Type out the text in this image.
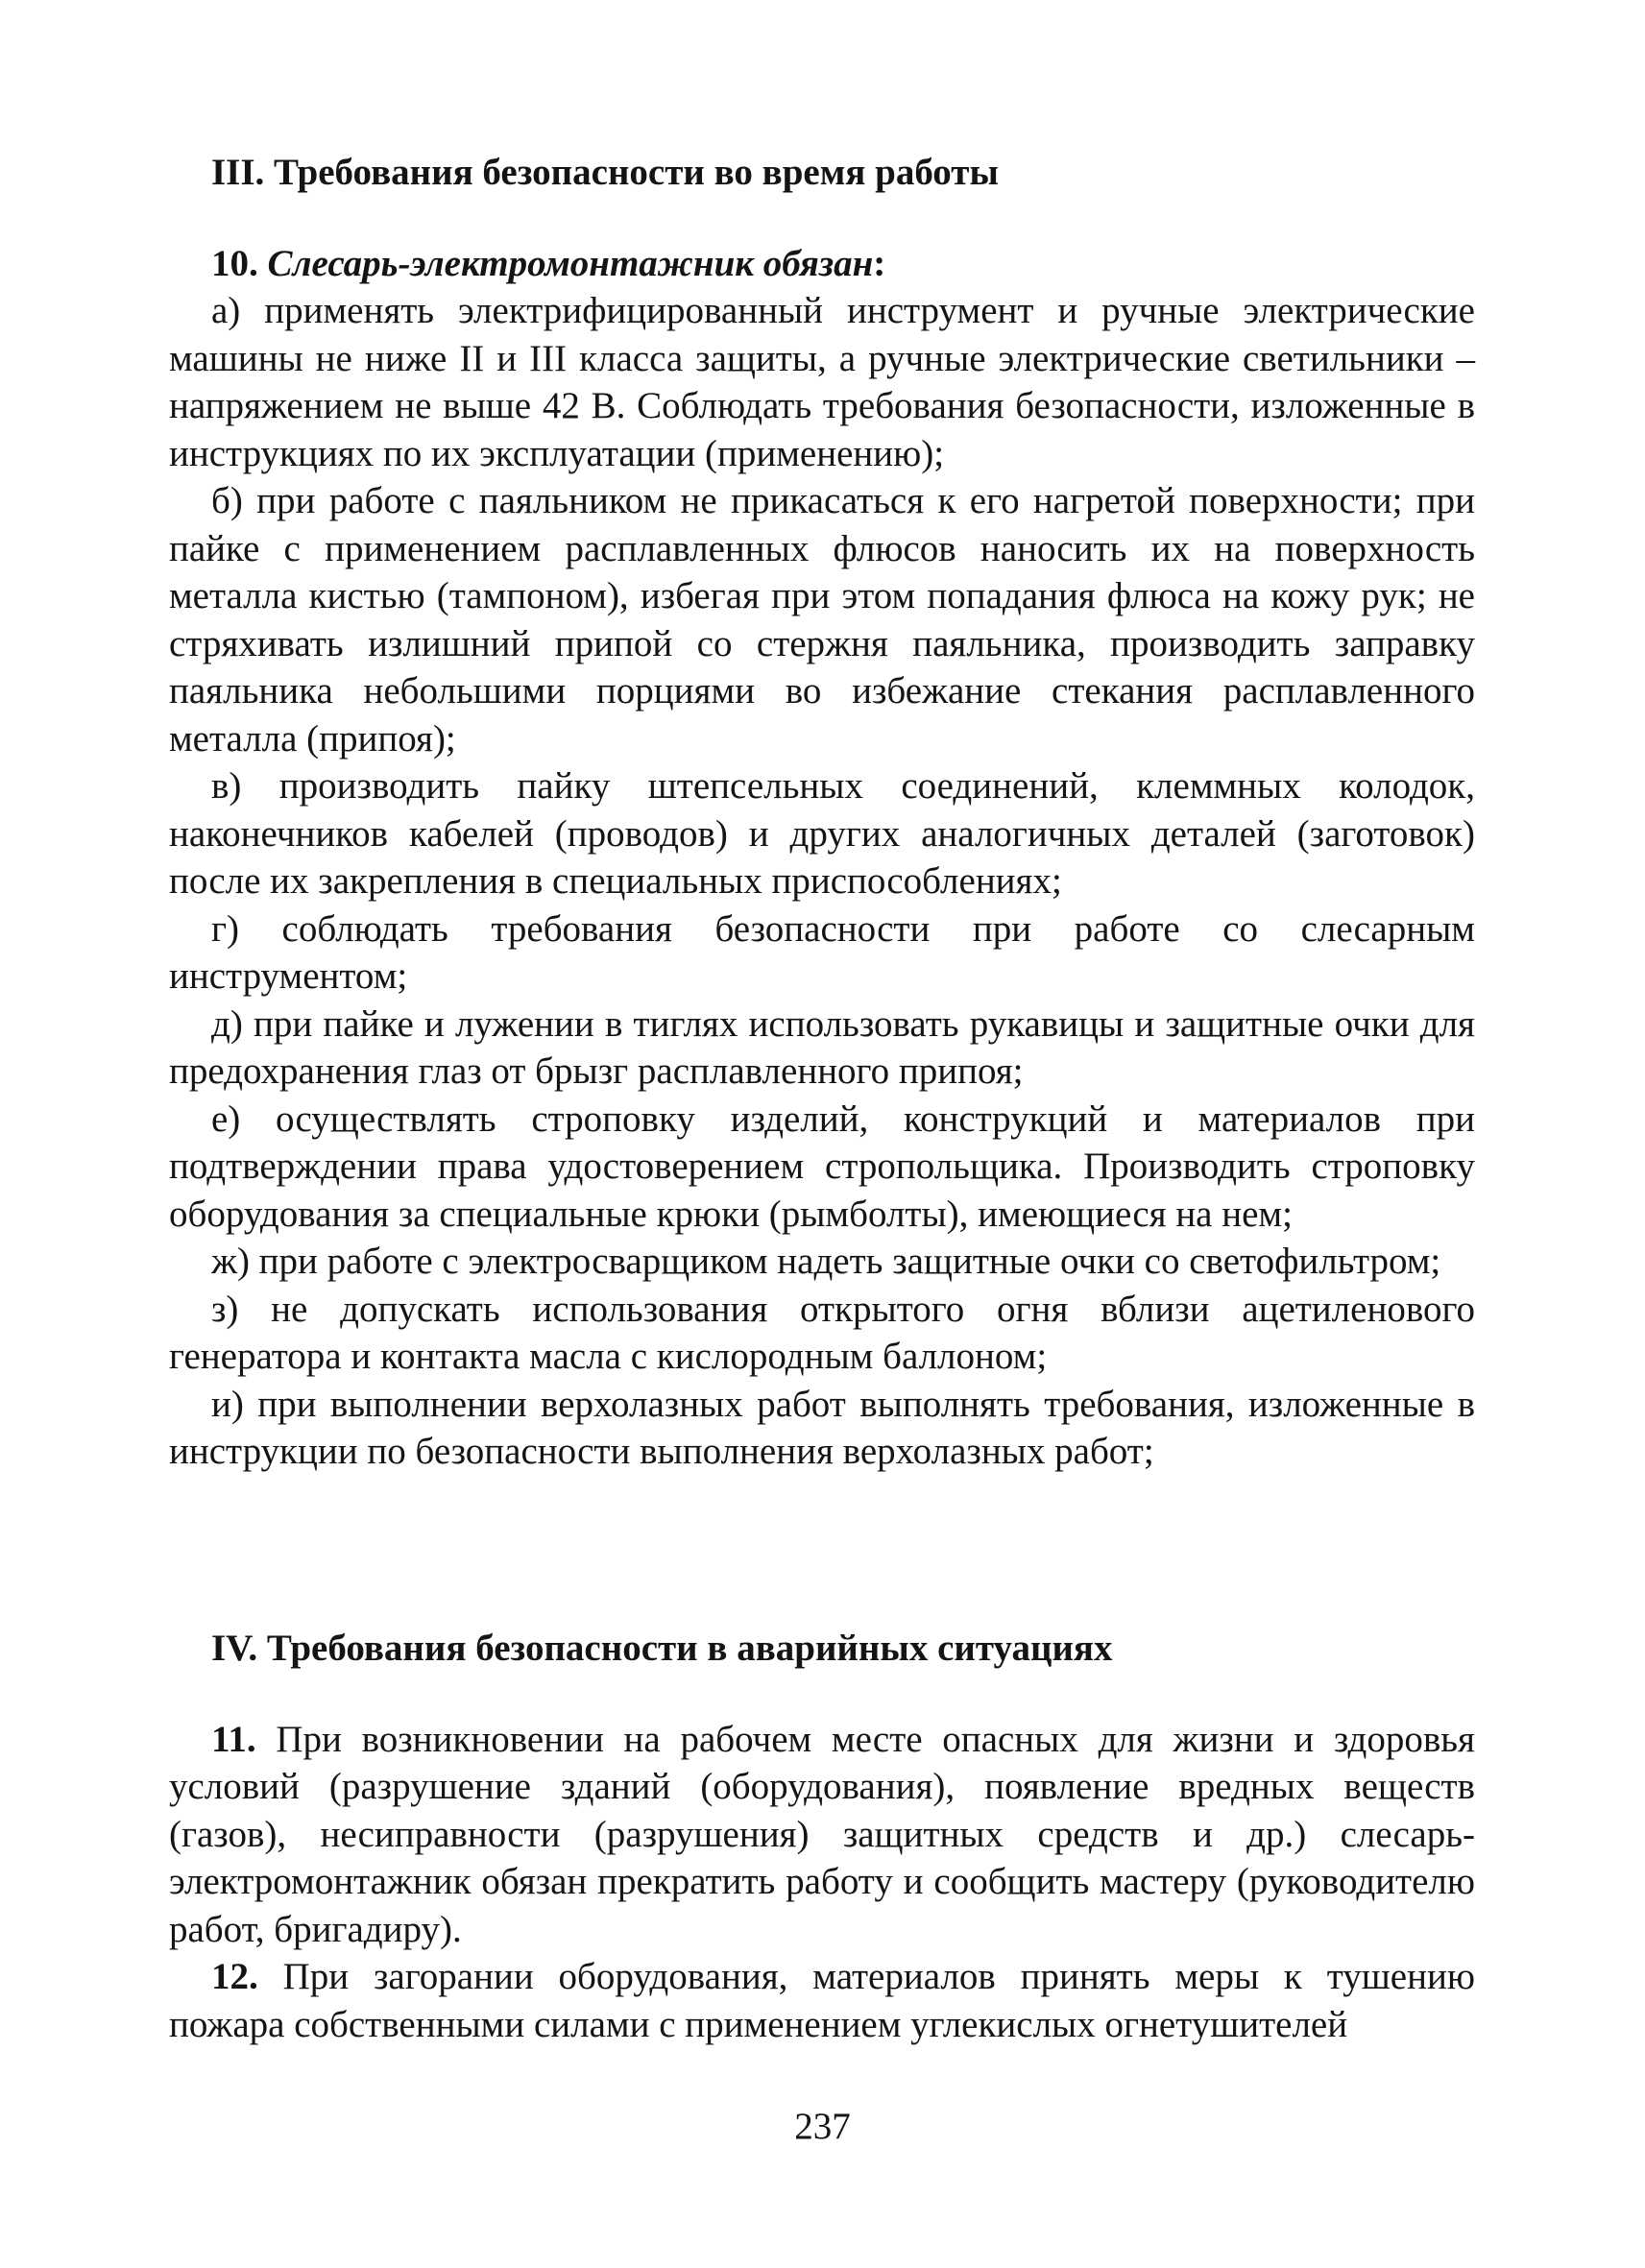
III. Требования безопасности во время работы

10. Слесарь-электромонтажник обязан:

а) применять электрифицированный инструмент и ручные электрические машины не ниже II и III класса защиты, а ручные электрические светильники – напряжением не выше 42 В. Соблюдать требования безопасности, изложенные в инструкциях по их эксплуатации (применению);

б) при работе с паяльником не прикасаться к его нагретой поверхности; при пайке с применением расплавленных флюсов наносить их на поверхность металла кистью (тампоном), избегая при этом попадания флюса на кожу рук; не стряхивать излишний припой со стержня паяльника, производить заправку паяльника небольшими порциями во избежание стекания расплавленного металла (припоя);

в) производить пайку штепсельных соединений, клеммных колодок, наконечников кабелей (проводов) и других аналогичных деталей (заготовок) после их закрепления в специальных приспособлениях;

г) соблюдать требования безопасности при работе со слесарным инструментом;

д) при пайке и лужении в тиглях использовать рукавицы и защитные очки для предохранения глаз от брызг расплавленного припоя;

е) осуществлять строповку изделий, конструкций и материалов при подтверждении права удостоверением стропольщика. Производить строповку оборудования за специальные крюки (рымболты), имеющиеся на нем;

ж) при работе с электросварщиком надеть защитные очки со светофильтром;

з) не допускать использования открытого огня вблизи ацетиленового генератора и контакта масла с кислородным баллоном;

и) при выполнении верхолазных работ выполнять требования, изложенные в инструкции по безопасности выполнения верхолазных работ;

IV. Требования безопасности в аварийных ситуациях

11. При возникновении на рабочем месте опасных для жизни и здоровья условий (разрушение зданий (оборудования), появление вредных веществ (газов), несиправности (разрушения) защитных средств и др.) слесарь-электромонтажник обязан прекратить работу и сообщить мастеру (руководителю работ, бригадиру).

12. При загорании оборудования, материалов принять меры к тушению пожара собственными силами с применением углекислых огнетушителей

237
